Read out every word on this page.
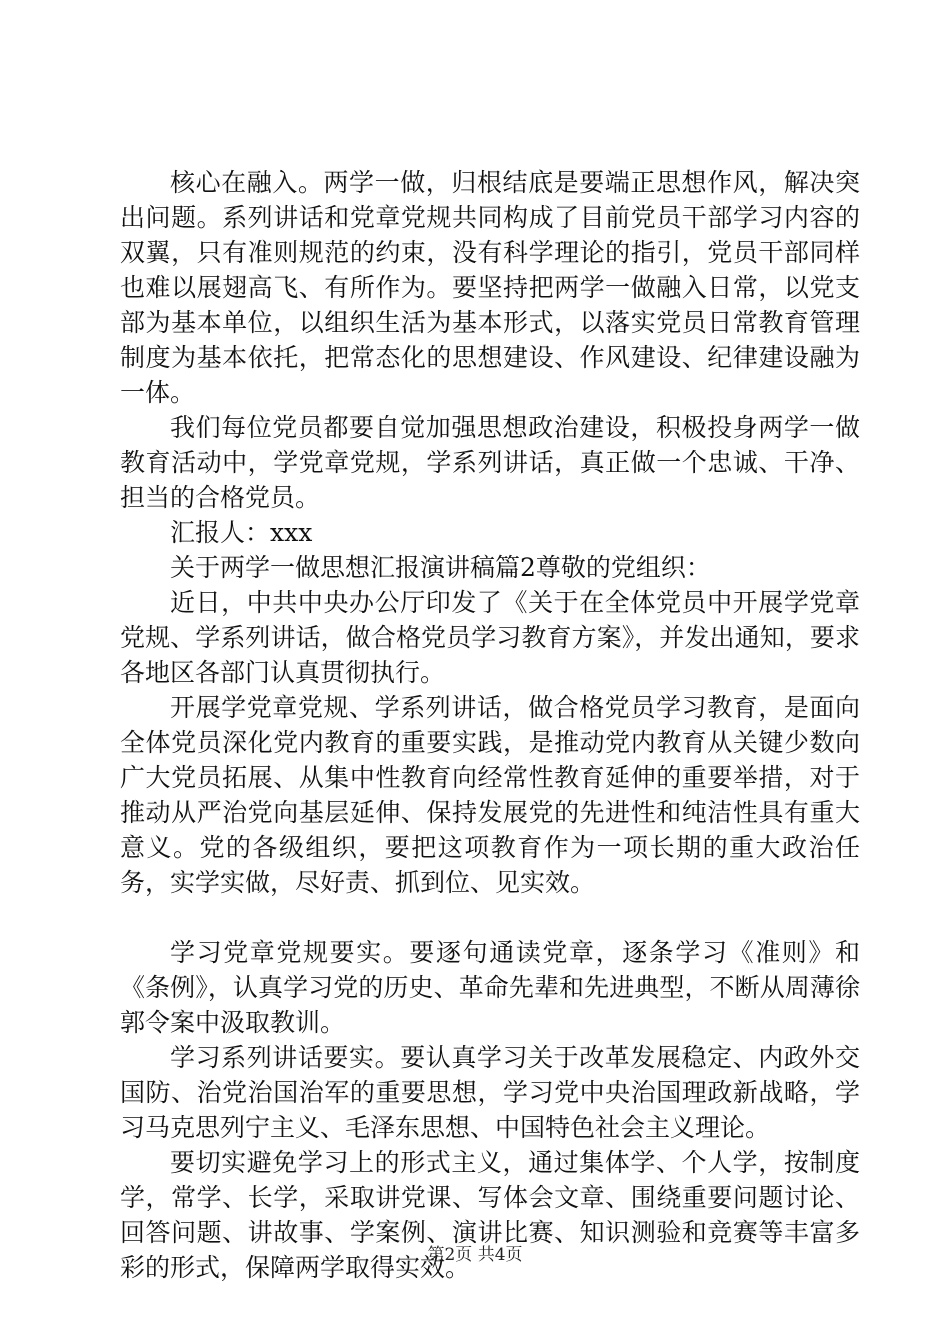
核心在融入。两学一做，归根结底是要端正思想作风，解决突出问题。系列讲话和党章党规共同构成了目前党员干部学习内容的双翼，只有准则规范的约束，没有科学理论的指引，党员干部同样也难以展翅高飞、有所作为。要坚持把两学一做融入日常，以党支部为基本单位，以组织生活为基本形式，以落实党员日常教育管理制度为基本依托，把常态化的思想建设、作风建设、纪律建设融为一体。

我们每位党员都要自觉加强思想政治建设，积极投身两学一做教育活动中，学党章党规，学系列讲话，真正做一个忠诚、干净、担当的合格党员。

汇报人：xxx

关于两学一做思想汇报演讲稿篇2尊敬的党组织：

近日，中共中央办公厅印发了《关于在全体党员中开展学党章党规、学系列讲话，做合格党员学习教育方案》，并发出通知，要求各地区各部门认真贯彻执行。

开展学党章党规、学系列讲话，做合格党员学习教育，是面向全体党员深化党内教育的重要实践，是推动党内教育从关键少数向广大党员拓展、从集中性教育向经常性教育延伸的重要举措，对于推动从严治党向基层延伸、保持发展党的先进性和纯洁性具有重大意义。党的各级组织，要把这项教育作为一项长期的重大政治任务，实学实做，尽好责、抓到位、见实效。

学习党章党规要实。要逐句通读党章，逐条学习《准则》和《条例》，认真学习党的历史、革命先辈和先进典型，不断从周薄徐郭令案中汲取教训。

学习系列讲话要实。要认真学习关于改革发展稳定、内政外交国防、治党治国治军的重要思想，学习党中央治国理政新战略，学习马克思列宁主义、毛泽东思想、中国特色社会主义理论。

要切实避免学习上的形式主义，通过集体学、个人学，按制度学，常学、长学，采取讲党课、写体会文章、围绕重要问题讨论、回答问题、讲故事、学案例、演讲比赛、知识测验和竞赛等丰富多彩的形式，保障两学取得实效。

第2页 共4页
